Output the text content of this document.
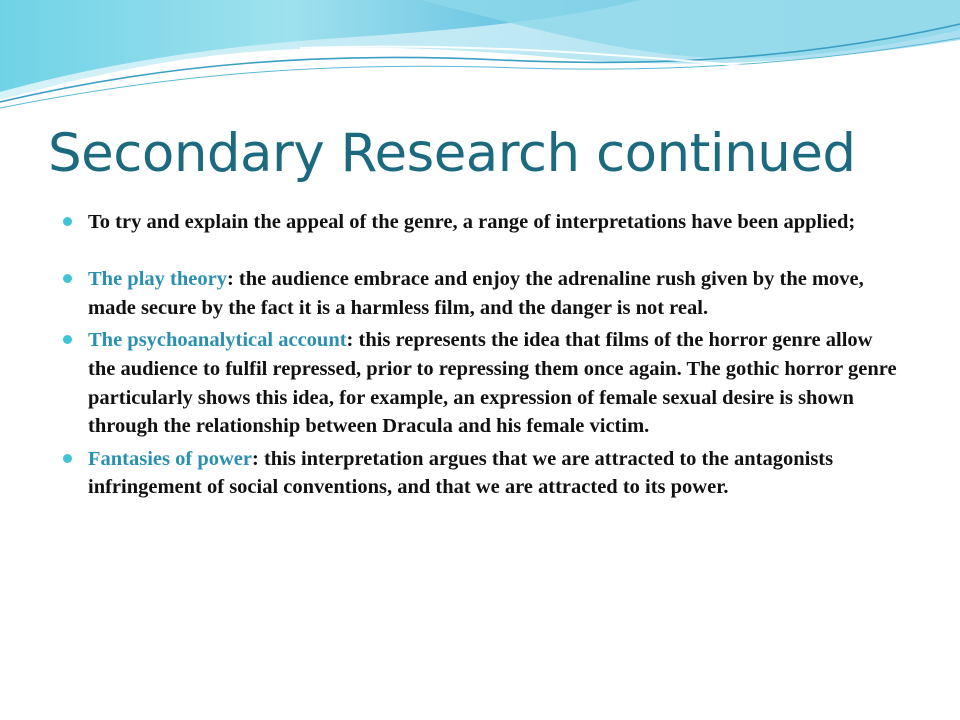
Secondary Research continued
To try and explain the appeal of the genre, a range of interpretations have been applied;
The play theory: the audience embrace and enjoy the adrenaline rush given by the move, made secure by the fact it is a harmless film, and the danger is not real.
The psychoanalytical account: this represents the idea that films of the horror genre allow the audience to fulfil repressed, prior to repressing them once again. The gothic horror genre particularly shows this idea, for example, an expression of female sexual desire is shown through the relationship between Dracula and his female victim.
Fantasies of power: this interpretation argues that we are attracted to the antagonists infringement of social conventions, and that we are attracted to its power.
